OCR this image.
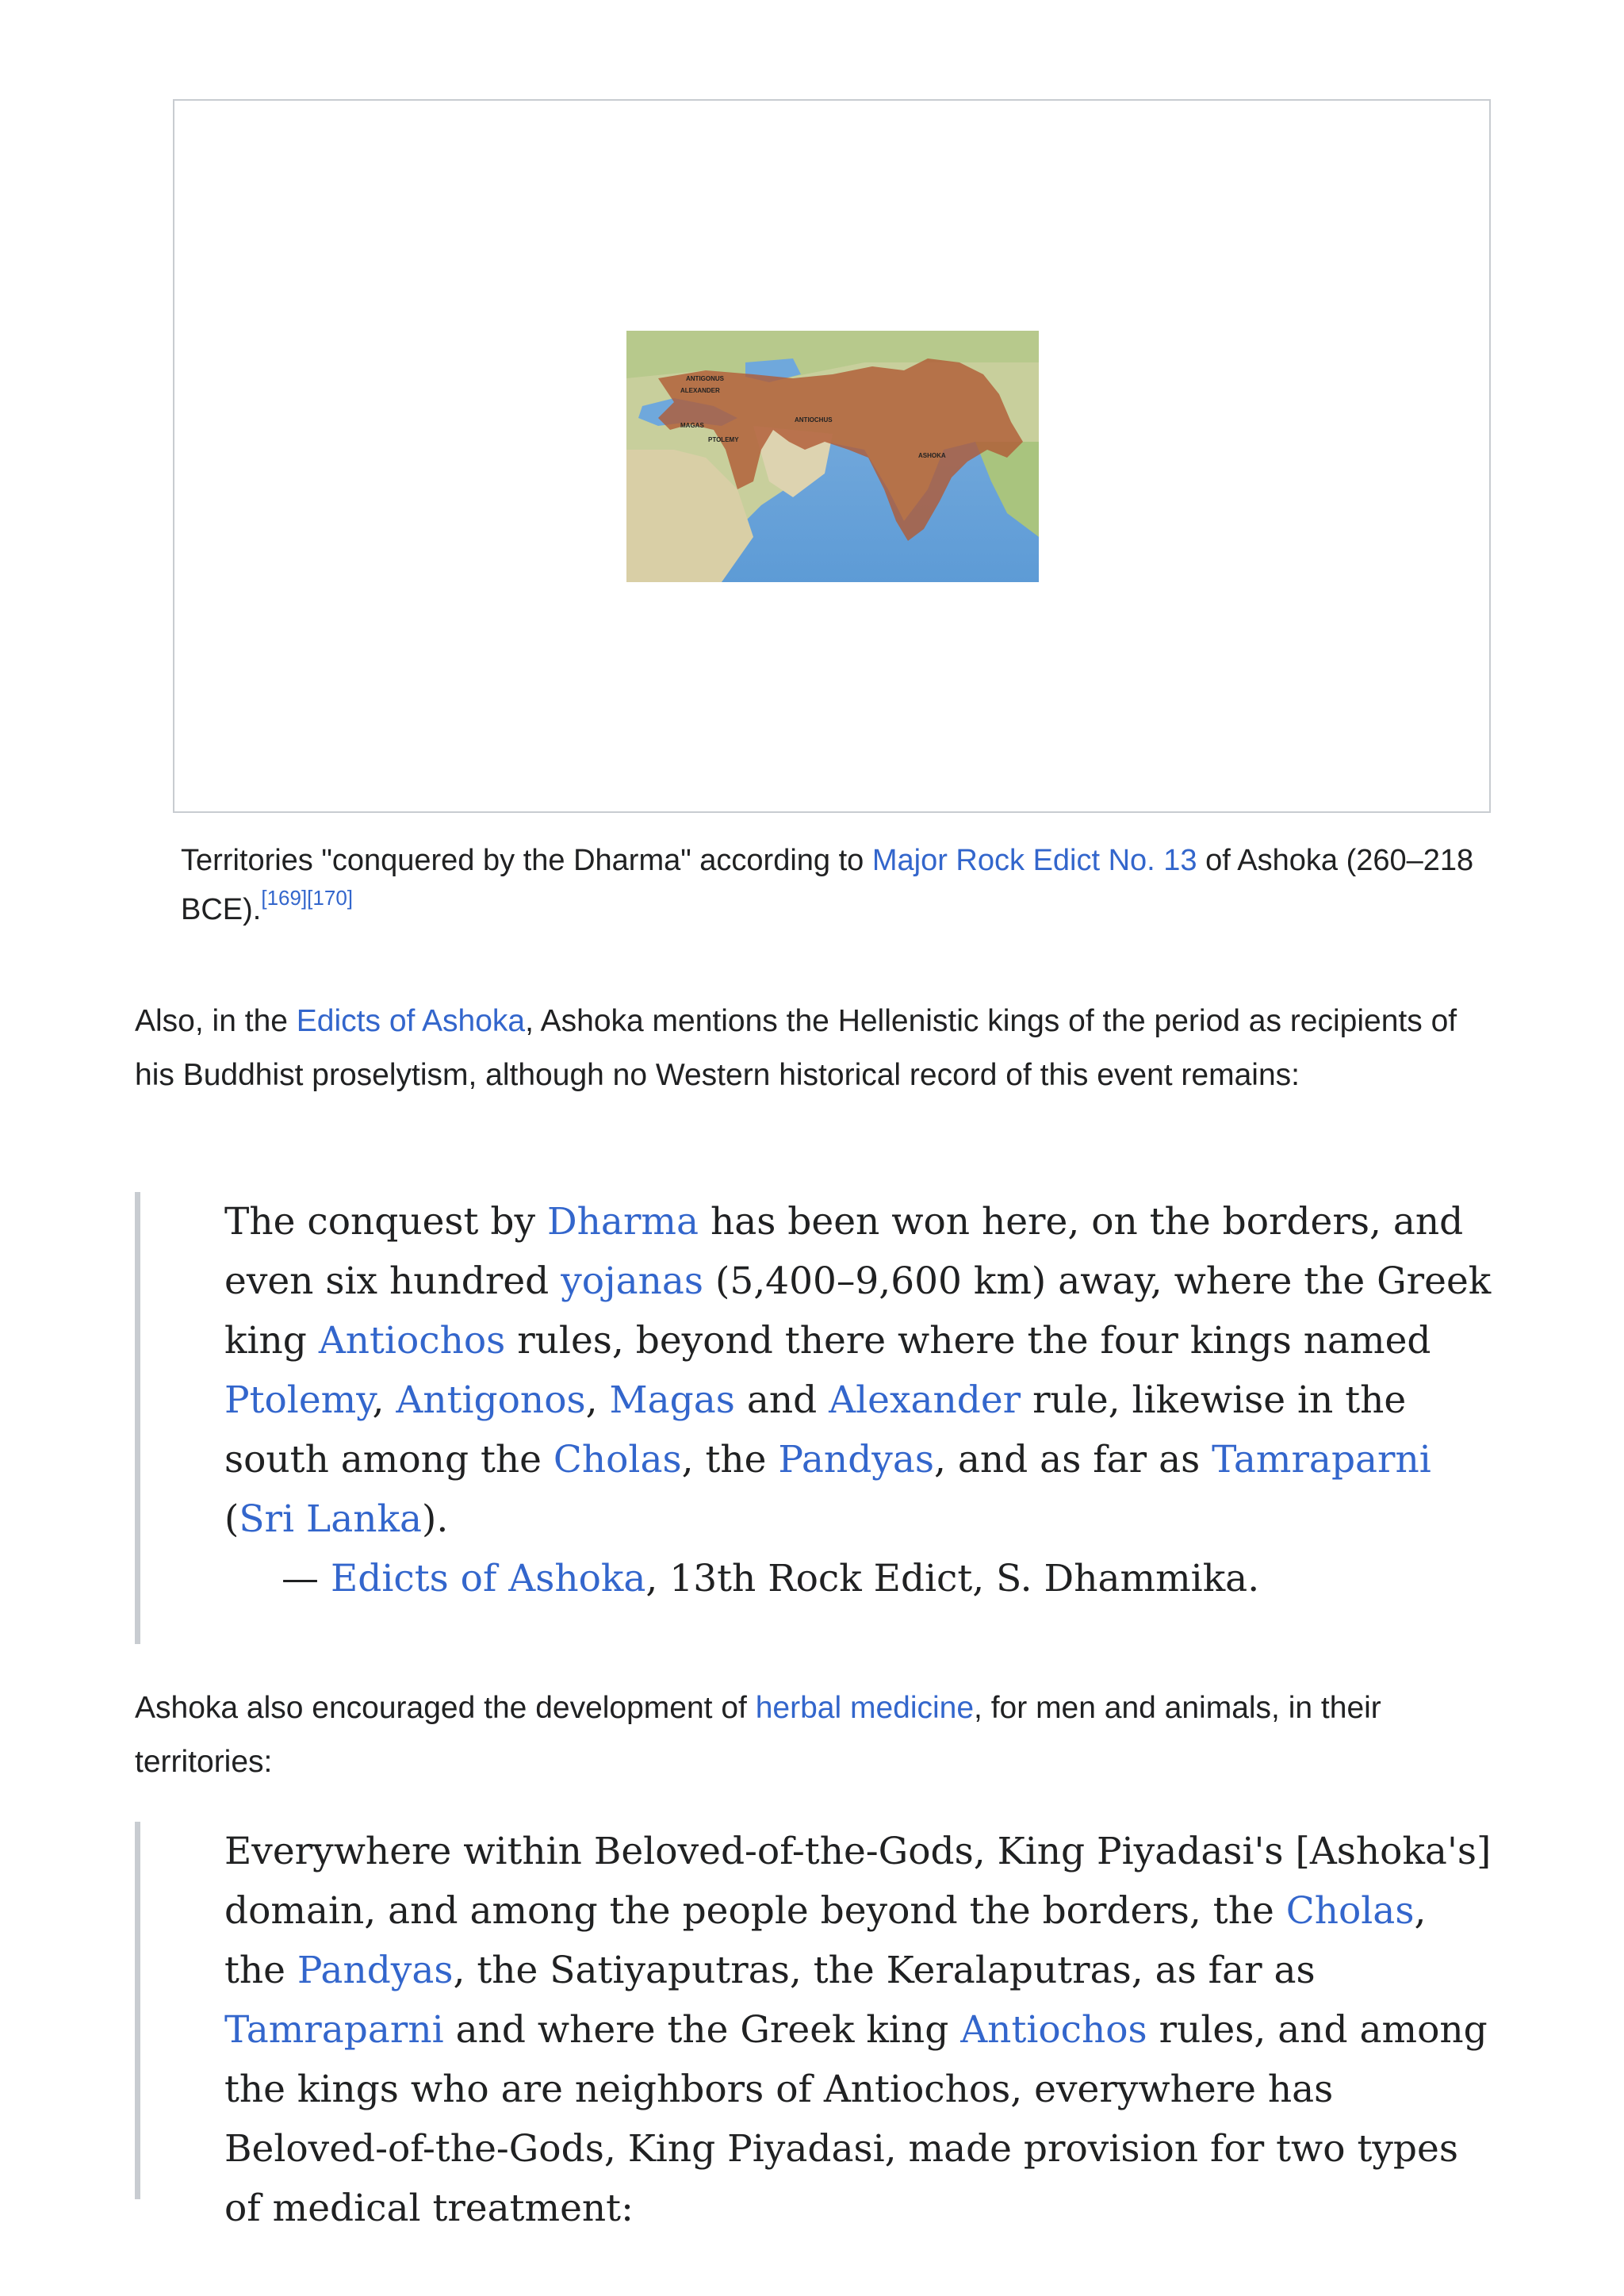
ANTIGONUS
ALEXANDER
MAGAS
PTOLEMY
ANTIOCHUS
ASHOKA
Territories "conquered by the Dharma" according to Major Rock Edict No. 13 of Ashoka (260–218 BCE).[169][170]
Also, in the Edicts of Ashoka, Ashoka mentions the Hellenistic kings of the period as recipients of his Buddhist proselytism, although no Western historical record of this event remains:

The conquest by Dharma has been won here, on the borders, and even six hundred yojanas (5,400–9,600 km) away, where the Greek king Antiochos rules, beyond there where the four kings named Ptolemy, Antigonos, Magas and Alexander rule, likewise in the south among the Cholas, the Pandyas, and as far as Tamraparni (Sri Lanka).

— Edicts of Ashoka, 13th Rock Edict, S. Dhammika.

Ashoka also encouraged the development of herbal medicine, for men and animals, in their territories:

Everywhere within Beloved-of-the-Gods, King Piyadasi's [Ashoka's] domain, and among the people beyond the borders, the Cholas, the Pandyas, the Satiyaputras, the Keralaputras, as far as Tamraparni and where the Greek king Antiochos rules, and among the kings who are neighbors of Antiochos, everywhere has Beloved-of-the-Gods, King Piyadasi, made provision for two types of medical treatment:
